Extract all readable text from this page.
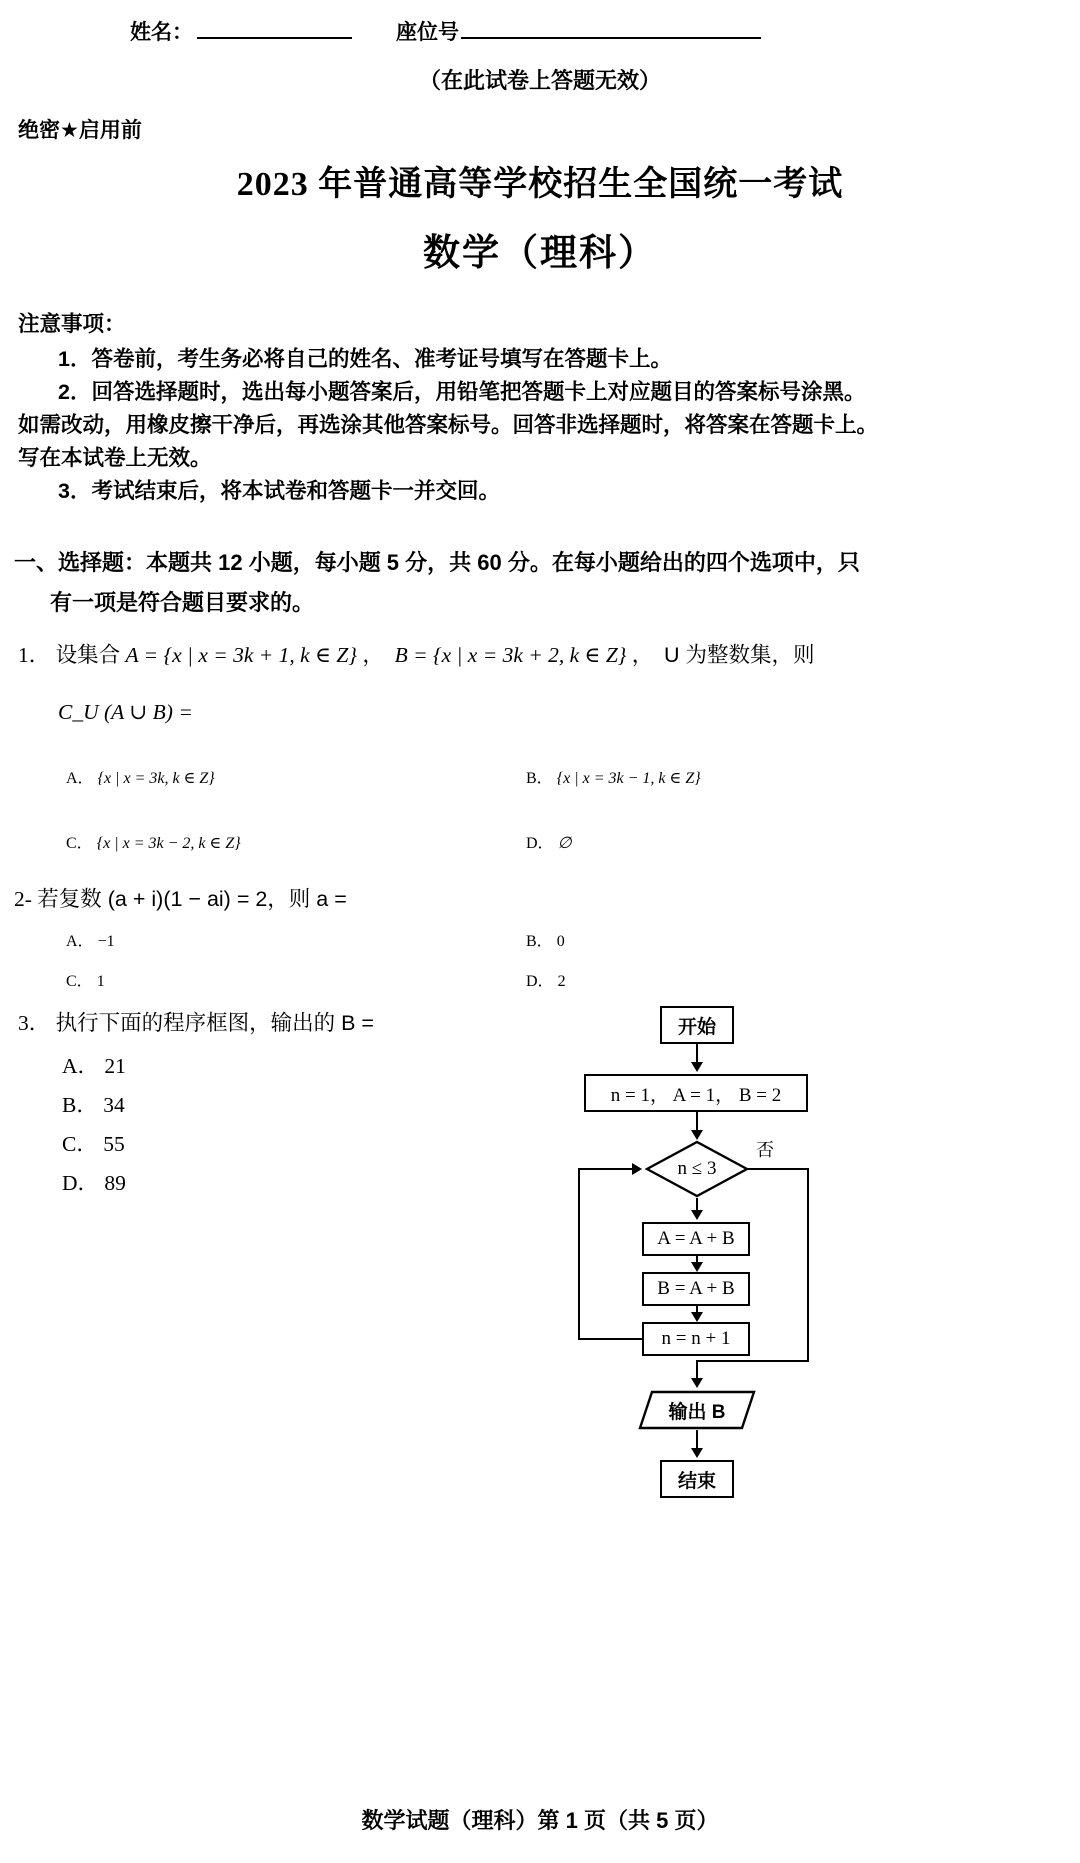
姓名：	座位号
（在此试卷上答题无效）
绝密★启用前
2023 年普通高等学校招生全国统一考试
数学（理科）
注意事项：
1．答卷前，考生务必将自己的姓名、准考证号填写在答题卡上。
2．回答选择题时，选出每小题答案后，用铅笔把答题卡上对应题目的答案标号涂黑。
如需改动，用橡皮擦干净后，再选涂其他答案标号。回答非选择题时，将答案在答题卡上。
写在本试卷上无效。
3．考试结束后，将本试卷和答题卡一并交回。
一、选择题：本题共 12 小题，每小题 5 分，共 60 分。在每小题给出的四个选项中，只
有一项是符合题目要求的。
1． 设集合 A = {x | x = 3k + 1, k ∈ Z} ，  B = {x | x = 3k + 2, k ∈ Z} ，  U 为整数集，则
C_U (A ∪ B) =
A． {x | x = 3k, k ∈ Z}	B． {x | x = 3k − 1, k ∈ Z}
C． {x | x = 3k − 2, k ∈ Z}	D． ∅
2- 若复数 (a + i)(1 − ai) = 2，则 a =
A． −1	B． 0
C． 1	D． 2
3． 执行下面的程序框图，输出的 B =
A． 21
B． 34
C． 55
D． 89
开始
n = 1， A = 1， B = 2
n ≤ 3
否
A = A + B
B = A + B
n = n + 1
输出 B
结束
数学试题（理科）第 1 页（共 5 页）
